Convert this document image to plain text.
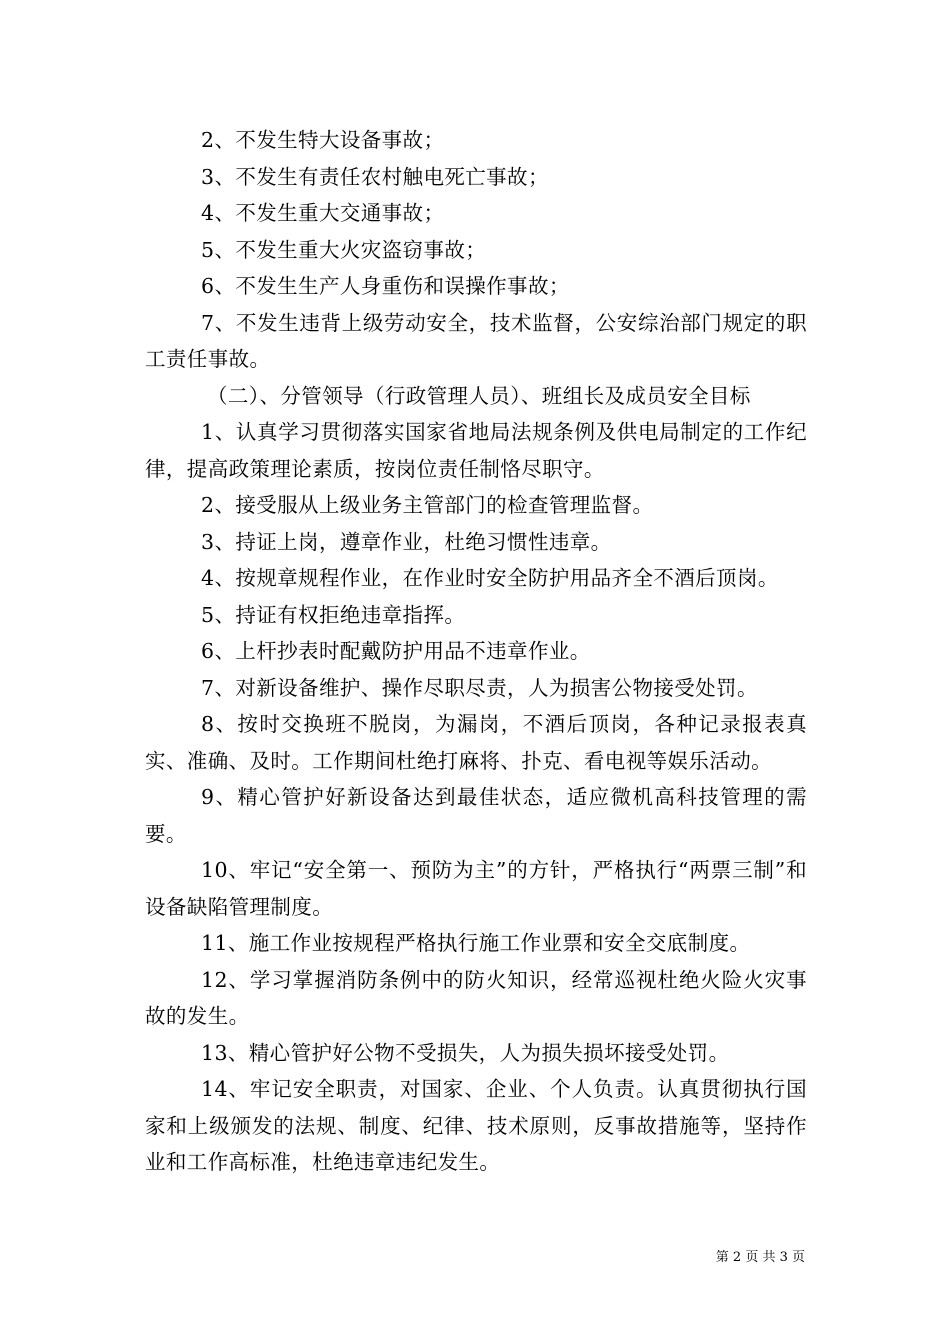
2、不发生特大设备事故；

3、不发生有责任农村触电死亡事故；

4、不发生重大交通事故；

5、不发生重大火灾盗窃事故；

6、不发生生产人身重伤和误操作事故；

7、不发生违背上级劳动安全，技术监督，公安综治部门规定的职工责任事故。

（二）、分管领导（行政管理人员）、班组长及成员安全目标

1、认真学习贯彻落实国家省地局法规条例及供电局制定的工作纪律，提高政策理论素质，按岗位责任制恪尽职守。

2、接受服从上级业务主管部门的检查管理监督。

3、持证上岗，遵章作业，杜绝习惯性违章。

4、按规章规程作业，在作业时安全防护用品齐全不酒后顶岗。

5、持证有权拒绝违章指挥。

6、上杆抄表时配戴防护用品不违章作业。

7、对新设备维护、操作尽职尽责，人为损害公物接受处罚。

8、按时交换班不脱岗，为漏岗，不酒后顶岗，各种记录报表真实、准确、及时。工作期间杜绝打麻将、扑克、看电视等娱乐活动。

9、精心管护好新设备达到最佳状态，适应微机高科技管理的需要。

10、牢记“安全第一、预防为主”的方针，严格执行“两票三制”和设备缺陷管理制度。

11、施工作业按规程严格执行施工作业票和安全交底制度。

12、学习掌握消防条例中的防火知识，经常巡视杜绝火险火灾事故的发生。

13、精心管护好公物不受损失，人为损失损坏接受处罚。

14、牢记安全职责，对国家、企业、个人负责。认真贯彻执行国家和上级颁发的法规、制度、纪律、技术原则，反事故措施等，坚持作业和工作高标准，杜绝违章违纪发生。

第 2 页 共 3 页
